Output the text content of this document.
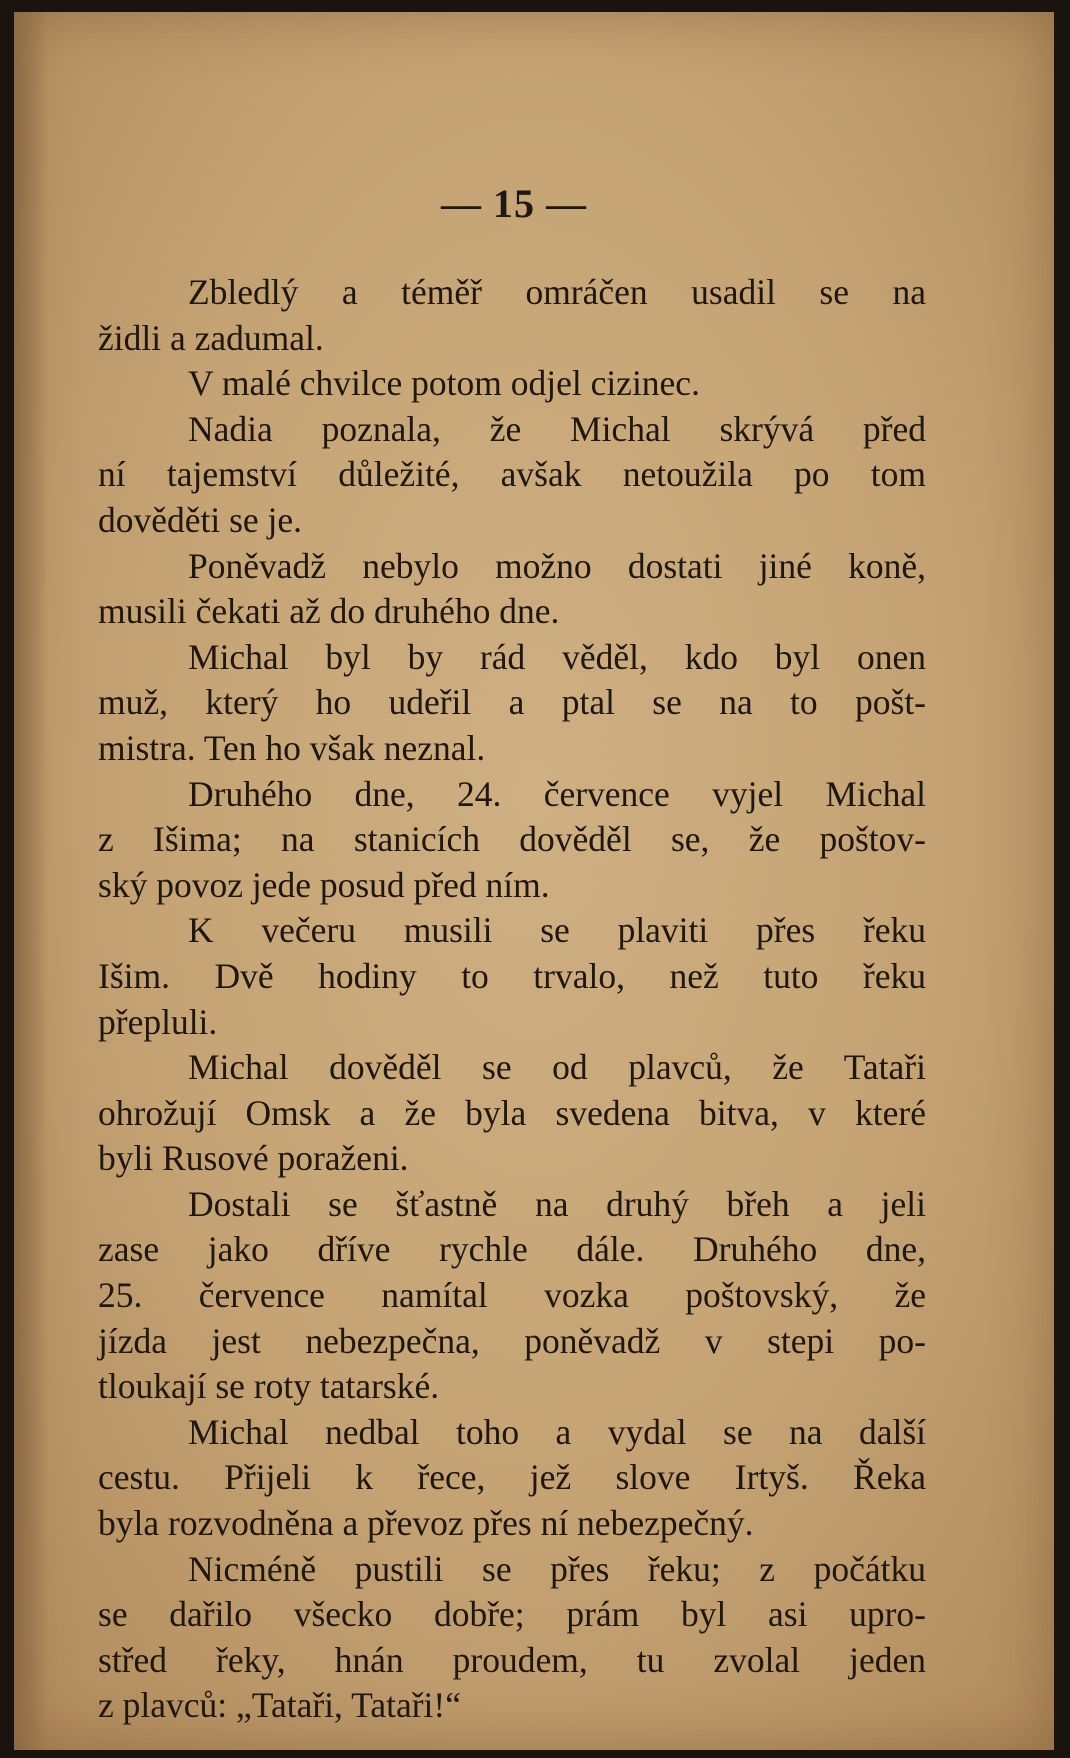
— 15 —
Zbledlý a téměř omráčen usadil se na
židli a zadumal.
V malé chvilce potom odjel cizinec.
Nadia poznala, že Michal skrývá před
ní tajemství důležité, avšak netoužila po tom
dověděti se je.
Poněvadž nebylo možno dostati jiné koně,
musili čekati až do druhého dne.
Michal byl by rád věděl, kdo byl onen
muž, který ho udeřil a ptal se na to pošt-
mistra. Ten ho však neznal.
Druhého dne, 24. července vyjel Michal
z Išima; na stanicích dověděl se, že poštov-
ský povoz jede posud před ním.
K večeru musili se plaviti přes řeku
Išim. Dvě hodiny to trvalo, než tuto řeku
přepluli.
Michal dověděl se od plavců, že Tataři
ohrožují Omsk a že byla svedena bitva, v které
byli Rusové poraženi.
Dostali se šťastně na druhý břeh a jeli
zase jako dříve rychle dále. Druhého dne,
25. července namítal vozka poštovský, že
jízda jest nebezpečna, poněvadž v stepi po-
tloukají se roty tatarské.
Michal nedbal toho a vydal se na další
cestu. Přijeli k řece, jež slove Irtyš. Řeka
byla rozvodněna a převoz přes ní nebezpečný.
Nicméně pustili se přes řeku; z počátku
se dařilo všecko dobře; prám byl asi upro-
střed řeky, hnán proudem, tu zvolal jeden
z plavců: „Tataři, Tataři!“
